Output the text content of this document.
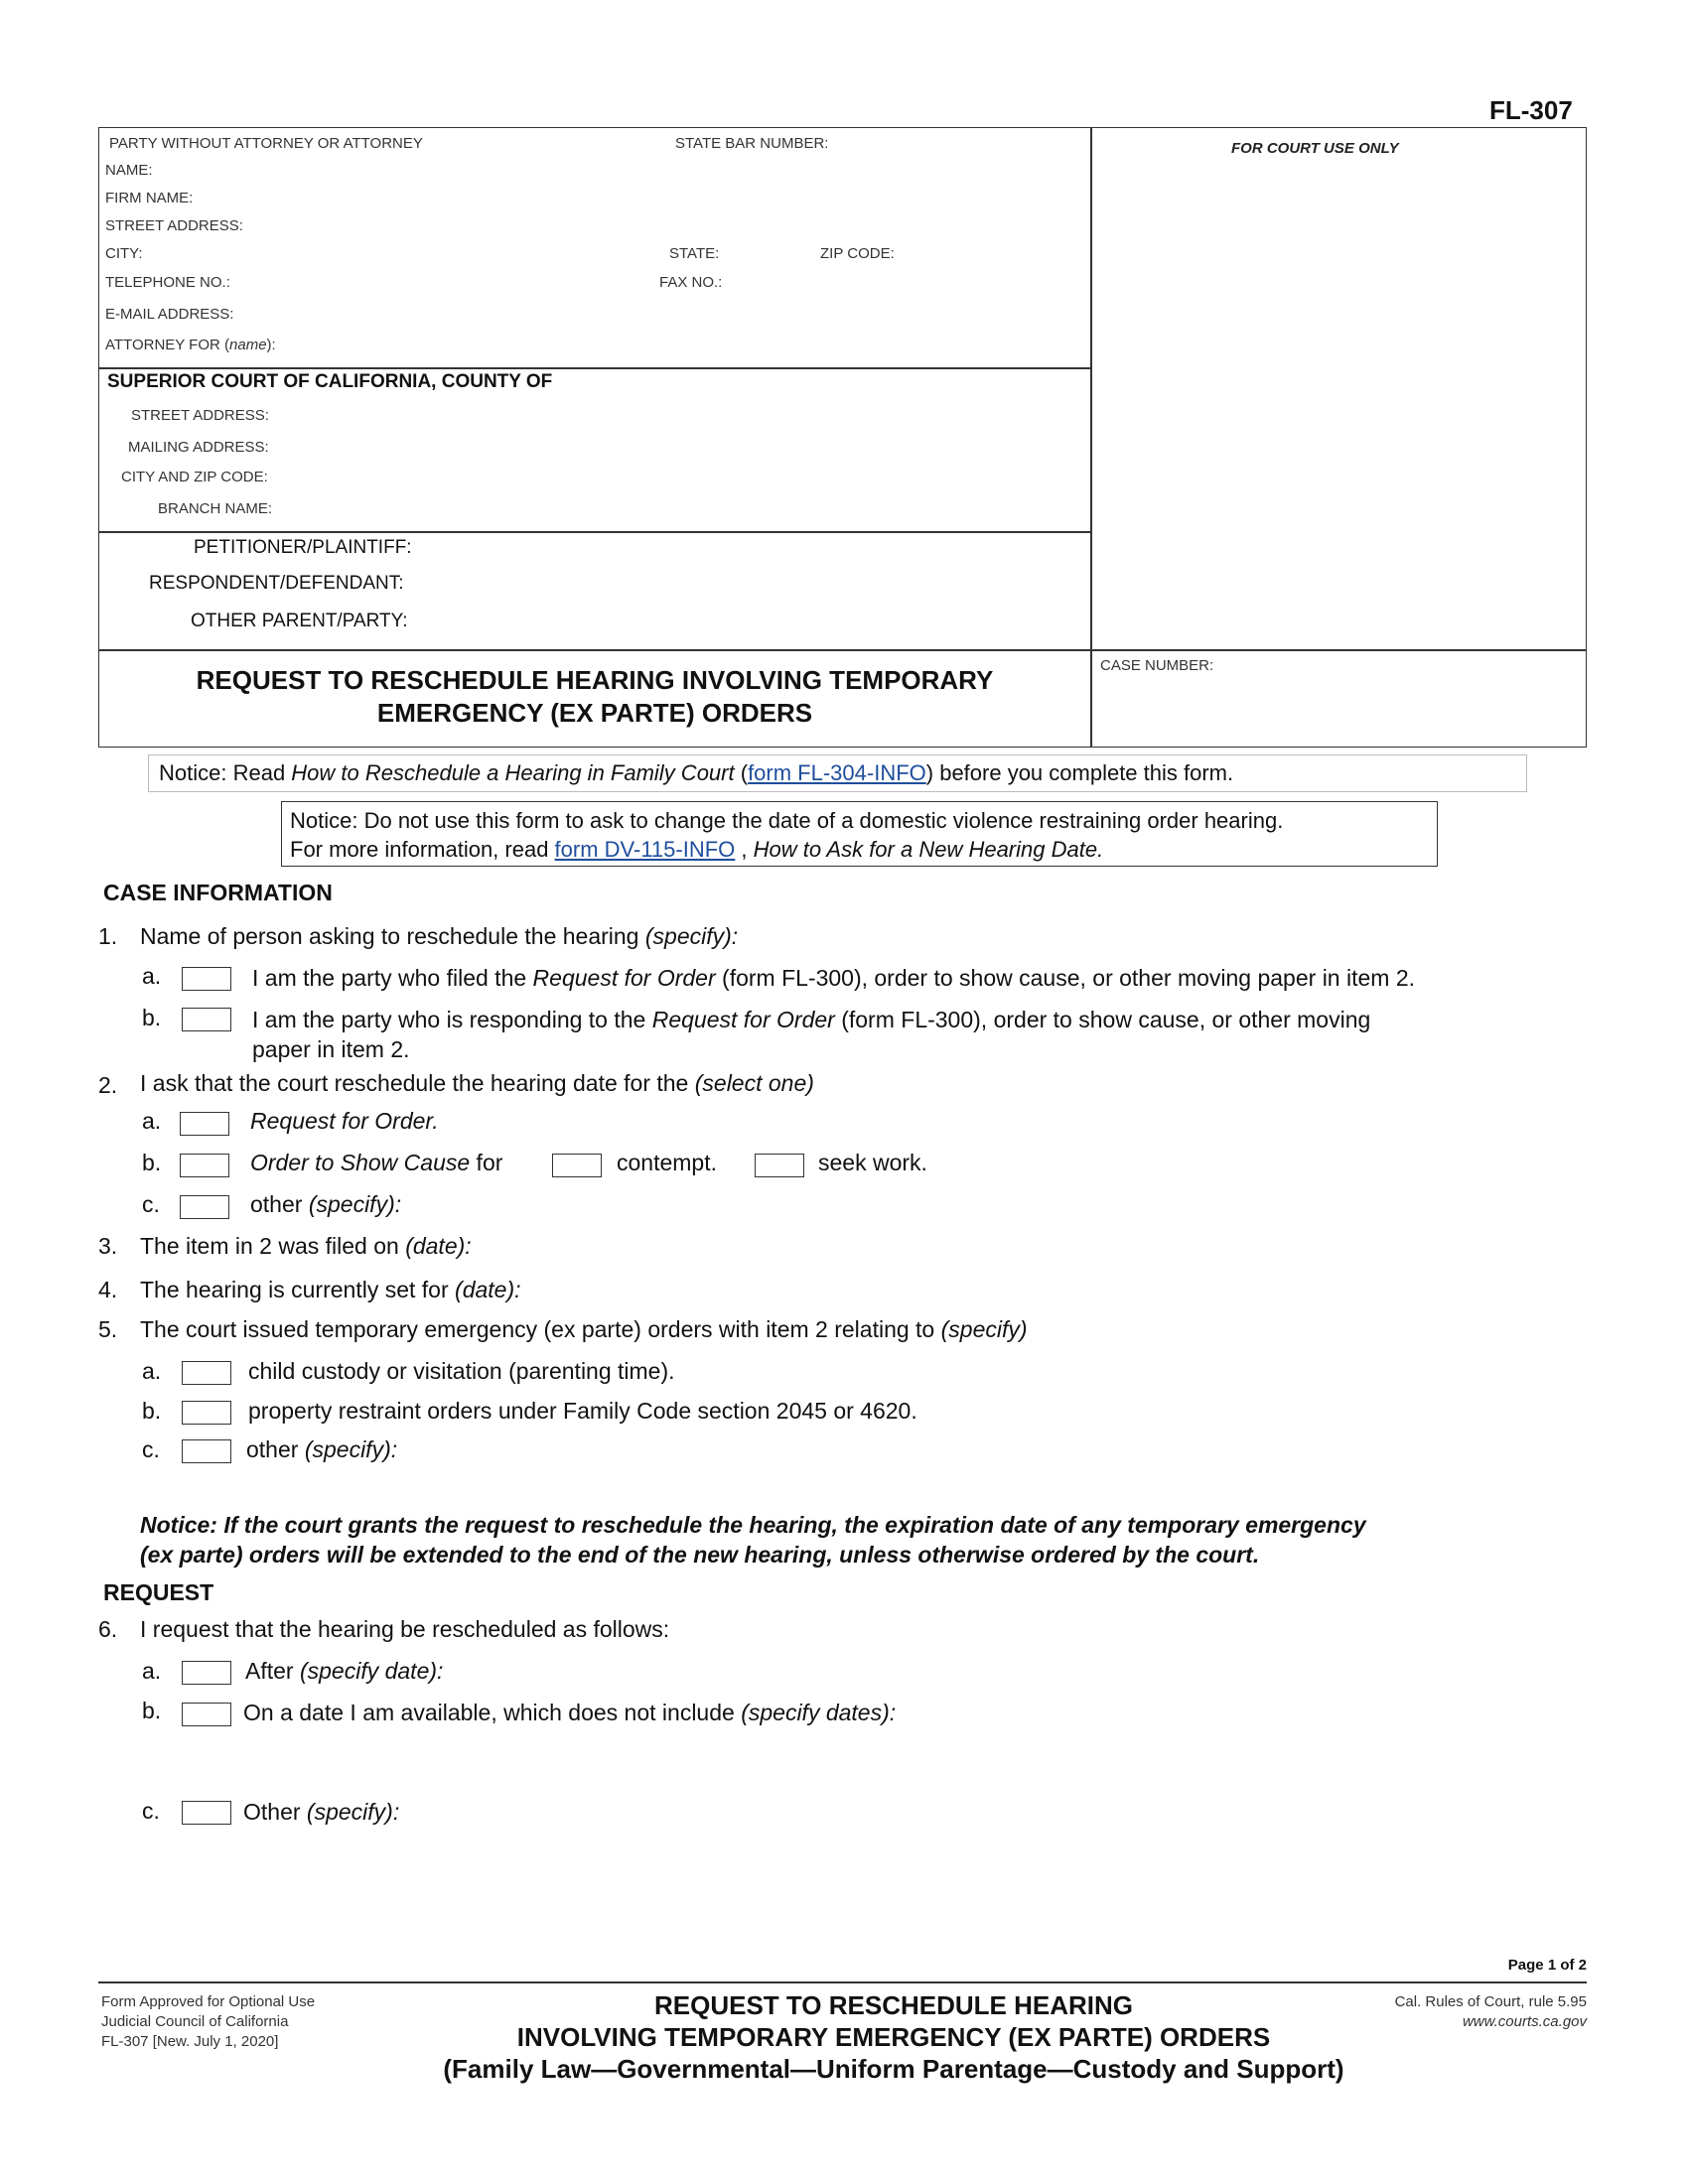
FL-307
PARTY WITHOUT ATTORNEY OR ATTORNEY	STATE BAR NUMBER:
NAME:
FIRM NAME:
STREET ADDRESS:
CITY:	STATE:	ZIP CODE:
TELEPHONE NO.:	FAX NO.:
E-MAIL ADDRESS:
ATTORNEY FOR (name):
FOR COURT USE ONLY
SUPERIOR COURT OF CALIFORNIA, COUNTY OF
STREET ADDRESS:
MAILING ADDRESS:
CITY AND ZIP CODE:
BRANCH NAME:
PETITIONER/PLAINTIFF:
RESPONDENT/DEFENDANT:
OTHER PARENT/PARTY:
REQUEST TO RESCHEDULE HEARING INVOLVING TEMPORARY
EMERGENCY (EX PARTE) ORDERS
CASE NUMBER:
Notice: Read How to Reschedule a Hearing in Family Court (form FL-304-INFO) before you complete this form.
Notice: Do not use this form to ask to change the date of a domestic violence restraining order hearing.
For more information, read form DV-115-INFO , How to Ask for a New Hearing Date.
CASE INFORMATION
1. Name of person asking to reschedule the hearing (specify):
a.	I am the party who filed the Request for Order (form FL-300), order to show cause, or other moving paper in item 2.
b.	I am the party who is responding to the Request for Order (form FL-300), order to show cause, or other moving
paper in item 2.
2. I ask that the court reschedule the hearing date for the (select one)
a.	Request for Order.
b.	Order to Show Cause for	contempt.	seek work.
c.	other (specify):
3. The item in 2 was filed on (date):
4. The hearing is currently set for (date):
5. The court issued temporary emergency (ex parte) orders with item 2 relating to (specify)
a.	child custody or visitation (parenting time).
b.	property restraint orders under Family Code section 2045 or 4620.
c.	other (specify):
Notice: If the court grants the request to reschedule the hearing, the expiration date of any temporary emergency
(ex parte) orders will be extended to the end of the new hearing, unless otherwise ordered by the court.
REQUEST
6. I request that the hearing be rescheduled as follows:
a.	After (specify date):
b.	On a date I am available, which does not include (specify dates):
c.	Other (specify):
Page 1 of 2
Form Approved for Optional Use
Judicial Council of California
FL-307 [New. July 1, 2020]
REQUEST TO RESCHEDULE HEARING
INVOLVING TEMPORARY EMERGENCY (EX PARTE) ORDERS
(Family Law—Governmental—Uniform Parentage—Custody and Support)
Cal. Rules of Court, rule 5.95
www.courts.ca.gov
